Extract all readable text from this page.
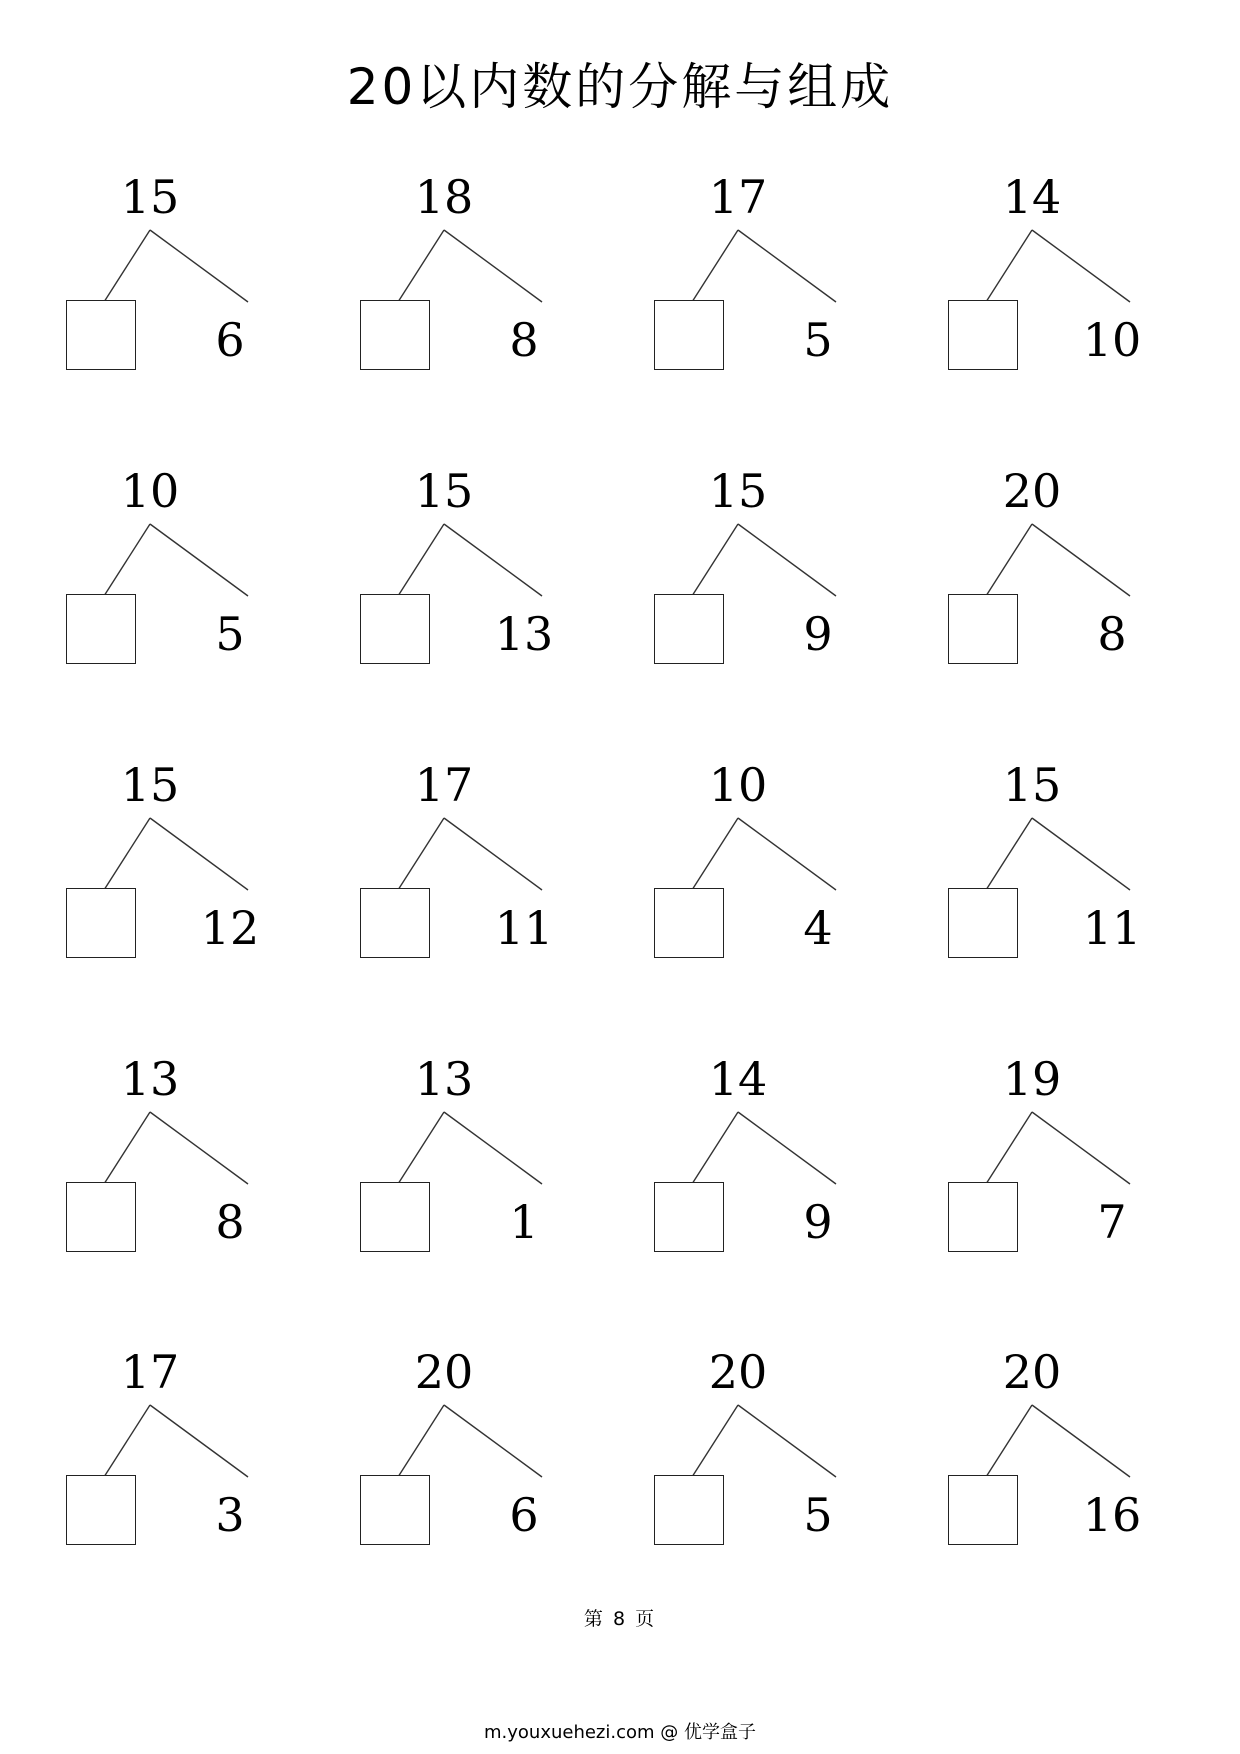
20以内数的分解与组成
15
6
18
8
17
5
14
10
10
5
15
13
15
9
20
8
15
12
17
11
10
4
15
11
13
8
13
1
14
9
19
7
17
3
20
6
20
5
20
16
第 8 页
m.youxuehezi.com @ 优学盒子
